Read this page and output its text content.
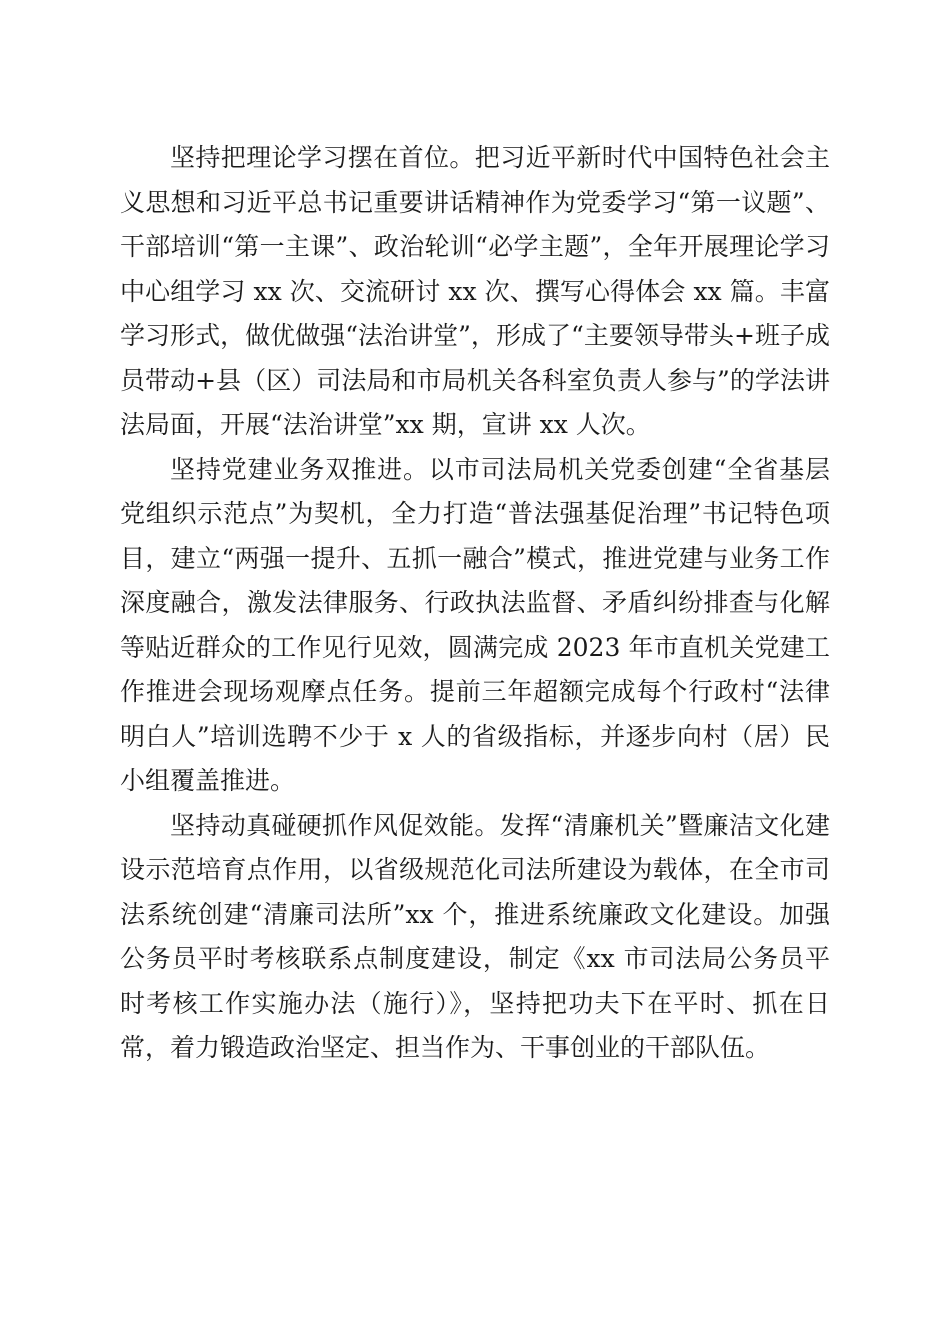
坚持把理论学习摆在首位。把习近平新时代中国特色社会主义思想和习近平总书记重要讲话精神作为党委学习“第一议题”、干部培训“第一主课”、政治轮训“必学主题”，全年开展理论学习中心组学习 xx 次、交流研讨 xx 次、撰写心得体会 xx 篇。丰富学习形式，做优做强“法治讲堂”，形成了“主要领导带头+班子成员带动+县（区）司法局和市局机关各科室负责人参与”的学法讲法局面，开展“法治讲堂”xx 期，宣讲 xx 人次。

坚持党建业务双推进。以市司法局机关党委创建“全省基层党组织示范点”为契机，全力打造“普法强基促治理”书记特色项目，建立“两强一提升、五抓一融合”模式，推进党建与业务工作深度融合，激发法律服务、行政执法监督、矛盾纠纷排查与化解等贴近群众的工作见行见效，圆满完成 2023 年市直机关党建工作推进会现场观摩点任务。提前三年超额完成每个行政村“法律明白人”培训选聘不少于 x 人的省级指标，并逐步向村（居）民小组覆盖推进。

坚持动真碰硬抓作风促效能。发挥“清廉机关”暨廉洁文化建设示范培育点作用，以省级规范化司法所建设为载体，在全市司法系统创建“清廉司法所”xx 个，推进系统廉政文化建设。加强公务员平时考核联系点制度建设，制定《xx 市司法局公务员平时考核工作实施办法（施行）》，坚持把功夫下在平时、抓在日常，着力锻造政治坚定、担当作为、干事创业的干部队伍。
